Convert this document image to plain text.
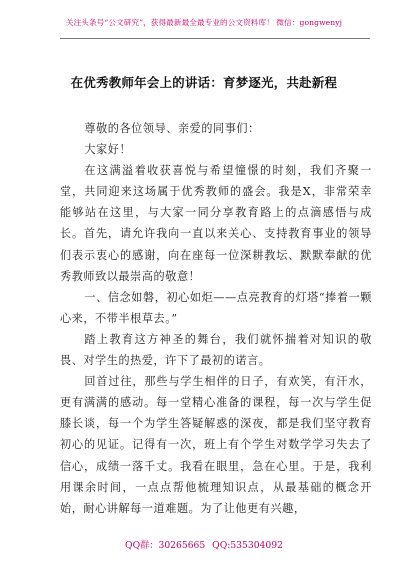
关注头条号“公文研究”，获得最新最全最专业的公文资料库！ 微信：gongwenyj
在优秀教师年会上的讲话：育梦逐光，共赴新程

尊敬的各位领导、亲爱的同事们：

大家好！

在这满溢着收获喜悦与希望憧憬的时刻，我们齐聚一堂，共同迎来这场属于优秀教师的盛会。我是X，非常荣幸能够站在这里，与大家一同分享教育路上的点滴感悟与成长。首先，请允许我向一直以来关心、支持教育事业的领导们表示衷心的感谢，向在座每一位深耕教坛、默默奉献的优秀教师致以最崇高的敬意！

一、信念如磐，初心如炬——点亮教育的灯塔“捧着一颗心来，不带半根草去。”

踏上教育这方神圣的舞台，我们就怀揣着对知识的敬畏、对学生的热爱，许下了最初的诺言。

回首过往，那些与学生相伴的日子，有欢笑，有汗水，更有满满的感动。每一堂精心准备的课程，每一次与学生促膝长谈，每一个为学生答疑解惑的深夜，都是我们坚守教育初心的见证。记得有一次，班上有个学生对数学学习失去了信心，成绩一落千丈。我看在眼里，急在心里。于是，我利用课余时间，一点点帮他梳理知识点，从最基础的概念开始，耐心讲解每一道难题。为了让他更有兴趣，

QQ群：30265665 QQ:535304092
